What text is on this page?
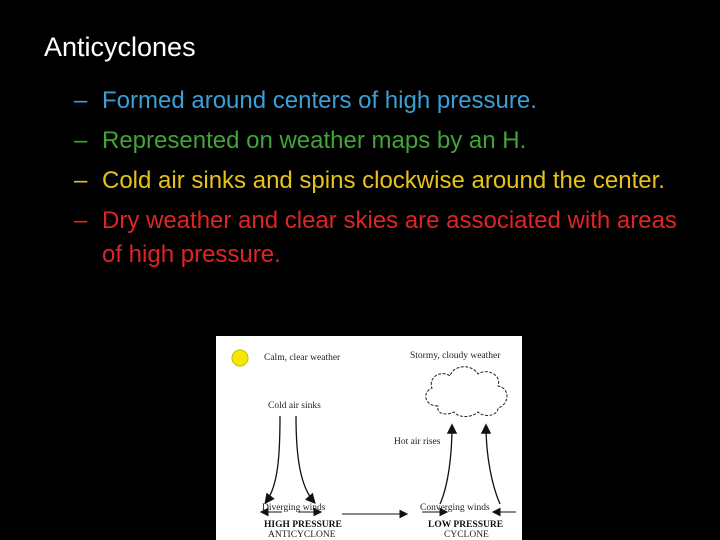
Anticyclones
– Formed around centers of high pressure.
– Represented on weather maps by an H.
– Cold air sinks and spins clockwise around the center.
– Dry weather and clear skies are associated with areas of high pressure.
Calm, clear weather	Stormy, cloudy weather
Cold air sinks
Hot air rises
Diverging winds	Converging winds
HIGH PRESSURE
ANTICYCLONE
LOW PRESSURE
CYCLONE
